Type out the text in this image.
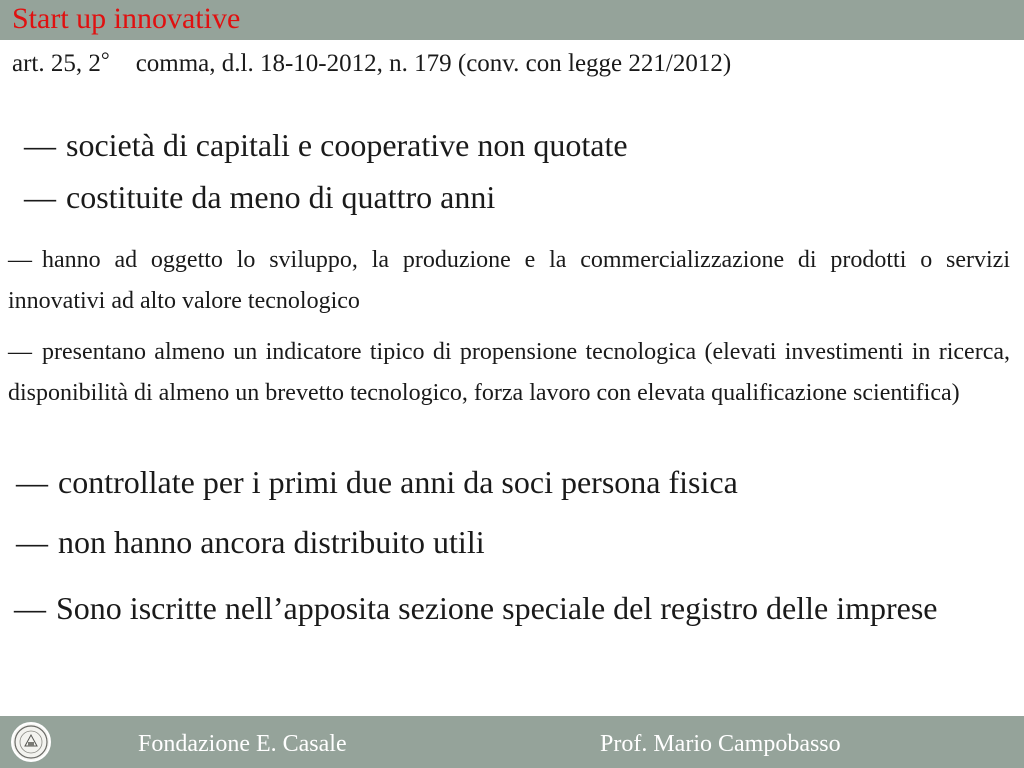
Start up innovative
art. 25, 2° comma, d.l. 18-10-2012, n. 179 (conv. con legge 221/2012)
— società di capitali e cooperative non quotate
— costituite da meno di quattro anni
— hanno ad oggetto lo sviluppo, la produzione e la commercializzazione di prodotti o servizi innovativi ad alto valore tecnologico
— presentano almeno un indicatore tipico di propensione tecnologica (elevati investimenti in ricerca, disponibilità di almeno un brevetto tecnologico, forza lavoro con elevata qualificazione scientifica)
— controllate per i primi due anni da soci persona fisica
— non hanno ancora distribuito utili
— Sono iscritte nell’apposita sezione speciale del registro delle imprese
Fondazione E. Casale	Prof. Mario Campobasso
